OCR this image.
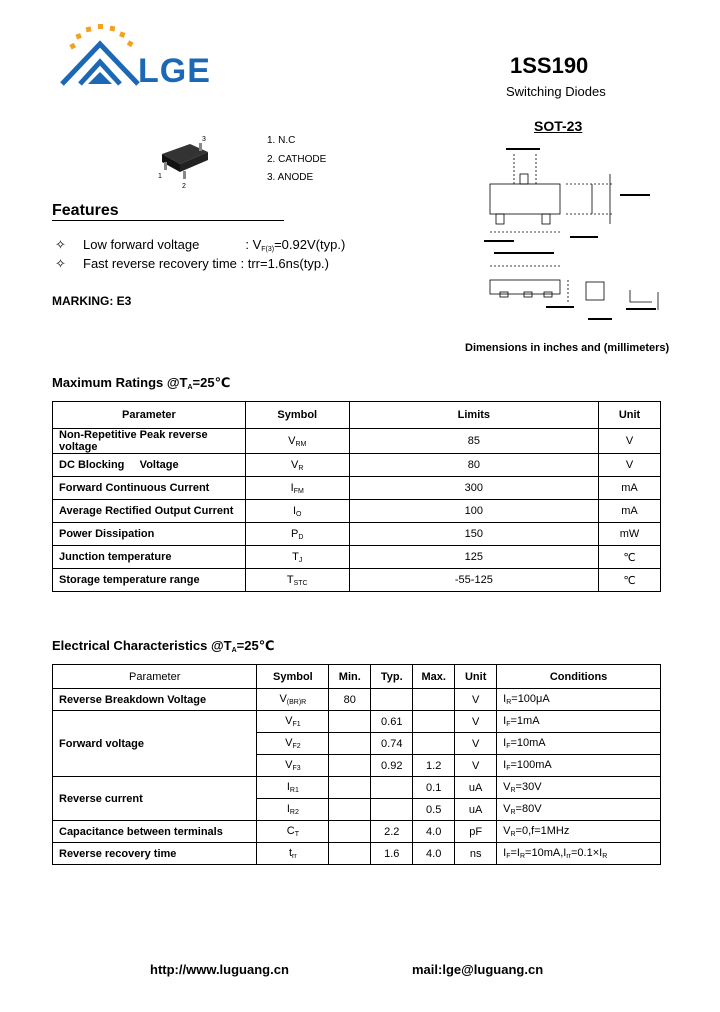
LGE	1SS190
Switching Diodes
SOT-23
1
2
3	1. N.C
2. CATHODE
3. ANODE
Features
✧ Low forward voltage	: $V_{F(3)}=0.92V(typ.)$
✧ Fast reverse recovery time : trr=1.6ns(typ.)
MARKING: E3
Dimensions in inches and (millimeters)
Maximum Ratings $@T_A=25℃$
Parameter	Symbol	Limits	Unit
Non-Repetitive Peak reverse voltage	$V_{RM}$	85	V
DC Blocking     Voltage	$V_R$	80	V
Forward Continuous Current	$I_{FM}$	300	mA
Average Rectified Output Current	$I_O$	100	mA
Power Dissipation	$P_D$	150	mW
Junction temperature	$T_J$	125	℃
Storage temperature range	$T_{STC}$	-55-125	℃
Electrical Characteristics $@T_A=25℃$
Parameter	Symbol	Min.	Typ.	Max.	Unit	Conditions
Reverse Breakdown Voltage	$V_{(BR)R}$	80			V	$I_R=100\mu A$
Forward voltage	$V_{F1}$		0.61		V	$I_F=1mA$
	$V_{F2}$		0.74		V	$I_F=10mA$
	$V_{F3}$		0.92	1.2	V	$I_F=100mA$
Reverse current	$I_{R1}$			0.1	uA	$V_R=30V$
	$I_{R2}$			0.5	uA	$V_R=80V$
Capacitance between terminals	$C_T$		2.2	4.0	pF	$V_R=0,f=1MHz$
Reverse recovery time	$t_{rr}$		1.6	4.0	ns	$I_F=I_R=10mA,I_{rr}=0.1\times I_R$
http://www.luguang.cn	mail:lge@luguang.cn
